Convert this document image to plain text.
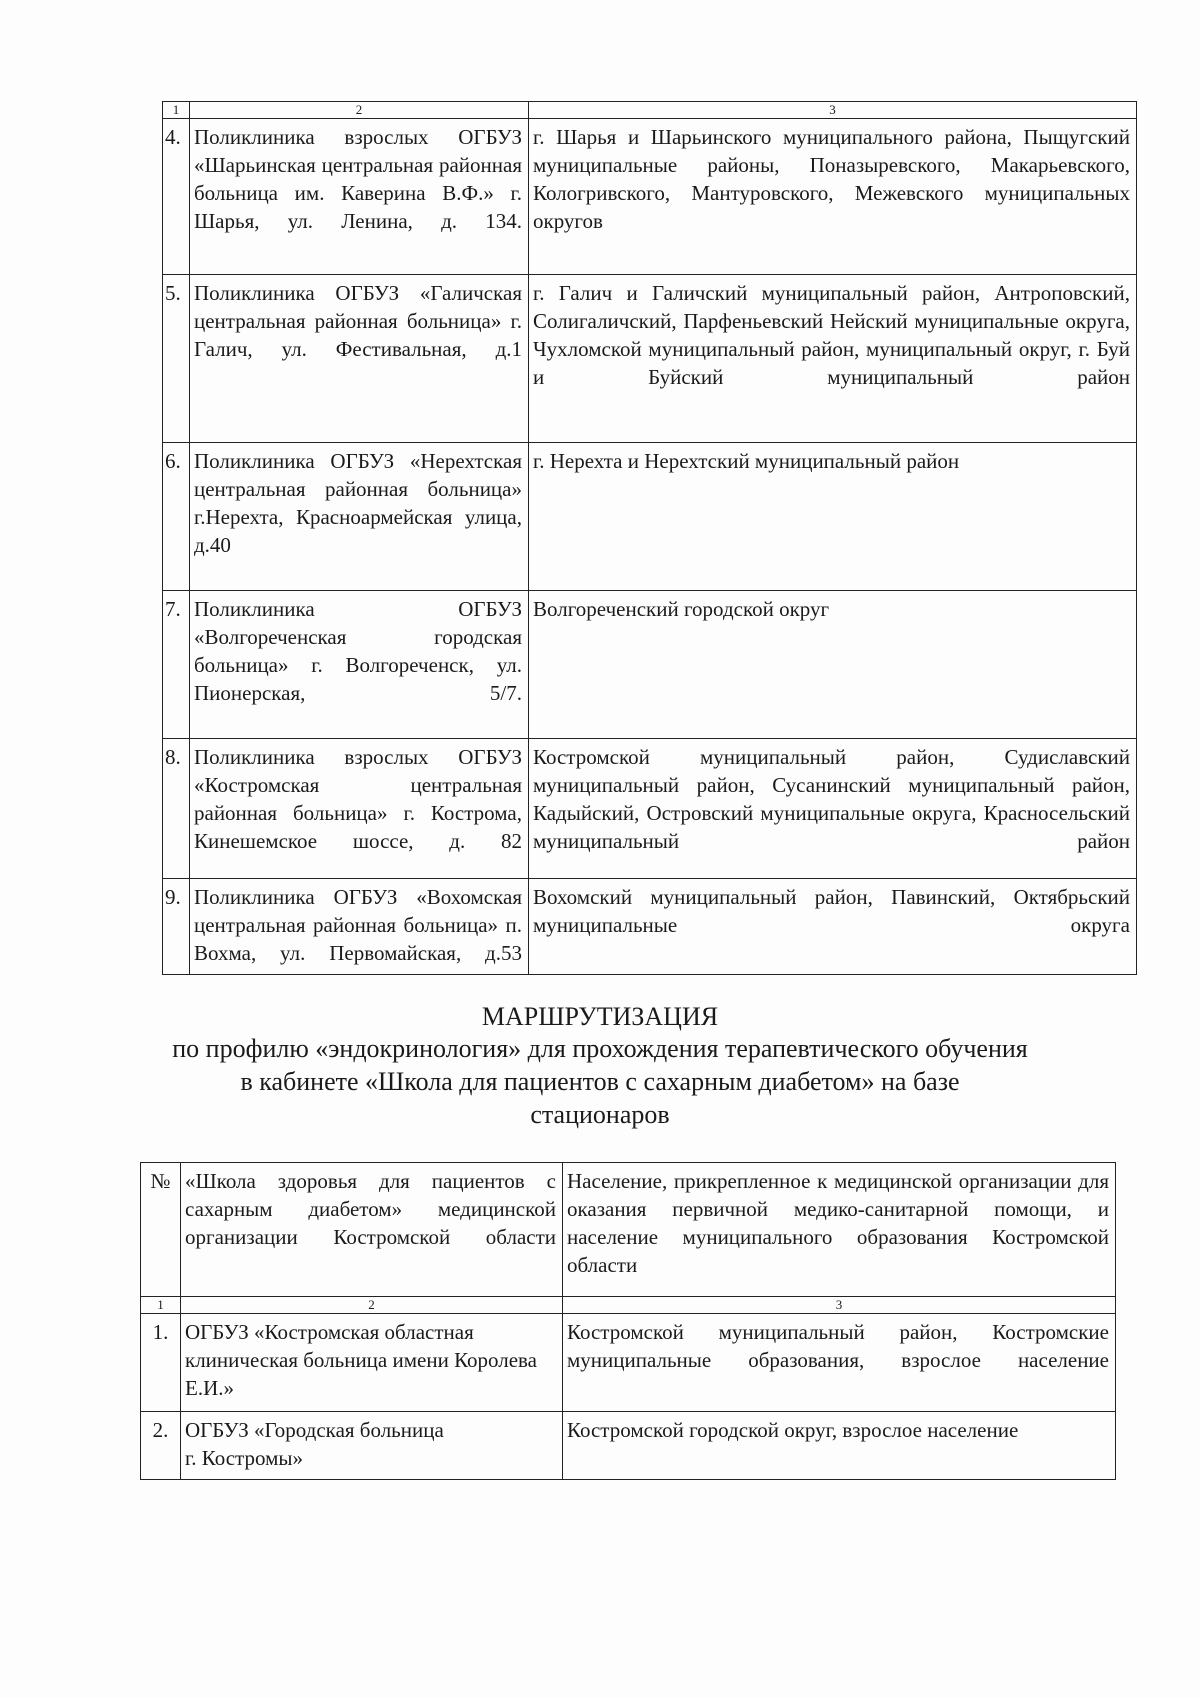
1	2	3
4.	Поликлиника взрослых ОГБУЗ «Шарьинская центральная районная больница им. Каверина В.Ф.» г. Шарья, ул. Ленина, д. 134.	г. Шарья и Шарьинского муниципального района, Пыщугский муниципальные районы, Поназыревского, Макарьевского, Кологривского, Мантуровского, Межевского муниципальных округов
5.	Поликлиника ОГБУЗ «Галичская центральная районная больница» г. Галич, ул. Фестивальная, д.1	г. Галич и Галичский муниципальный район, Антроповский, Солигаличский, Парфеньевский Нейский муниципальные округа, Чухломской муниципальный район, муниципальный округ, г. Буй и Буйский муниципальный район
6.	Поликлиника ОГБУЗ «Нерехтская центральная районная больница» г.Нерехта, Красноармейская улица, д.40	г. Нерехта и Нерехтский муниципальный район
7.	Поликлиника ОГБУЗ «Волгореченская городская больница» г. Волгореченск, ул. Пионерская, 5/7.	Волгореченский городской округ
8.	Поликлиника взрослых ОГБУЗ «Костромская центральная районная больница» г. Кострома, Кинешемское шоссе, д. 82	Костромской муниципальный район, Судиславский муниципальный район, Сусанинский муниципальный район, Кадыйский, Островский муниципальные округа, Красносельский муниципальный район
9.	Поликлиника ОГБУЗ «Вохомская центральная районная больница» п. Вохма, ул. Первомайская, д.53	Вохомский муниципальный район, Павинский, Октябрьский муниципальные округа
МАРШРУТИЗАЦИЯ
по профилю «эндокринология» для прохождения терапевтического обучения
в кабинете «Школа для пациентов с сахарным диабетом» на базе
стационаров
№	«Школа здоровья для пациентов с сахарным диабетом» медицинской организации Костромской области	Население, прикрепленное к медицинской организации для оказания первичной медико-санитарной помощи, и население муниципального образования Костромской области
1	2	3
1.	ОГБУЗ «Костромская областная клиническая больница имени Королева Е.И.»	Костромской муниципальный район, Костромские муниципальные образования, взрослое население
2.	ОГБУЗ «Городская больница
г. Костромы»	Костромской городской округ, взрослое население
